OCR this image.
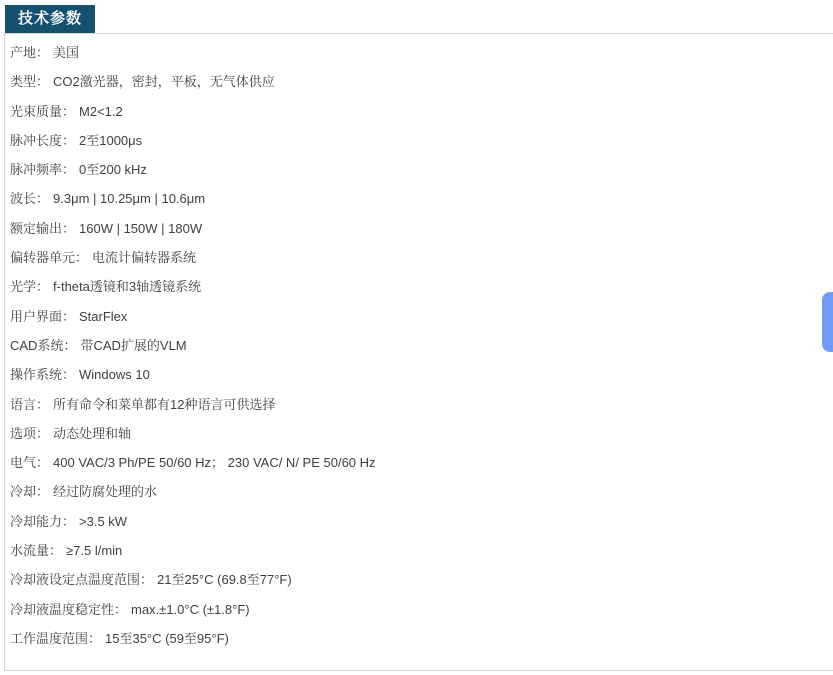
技术参数
产地： 美国
类型： CO2激光器，密封，平板，无气体供应
光束质量： M2<1.2
脉冲长度： 2至1000μs
脉冲频率： 0至200 kHz
波长： 9.3μm | 10.25μm | 10.6μm
额定输出： 160W | 150W | 180W
偏转器单元： 电流计偏转器系统
光学： f-theta透镜和3轴透镜系统
用户界面： StarFlex
CAD系统： 带CAD扩展的VLM
操作系统： Windows 10
语言： 所有命令和菜单都有12种语言可供选择
选项： 动态处理和轴
电气： 400 VAC/3 Ph/PE 50/60 Hz； 230 VAC/ N/ PE 50/60 Hz
冷却： 经过防腐处理的水
冷却能力： >3.5 kW
水流量： ≥7.5 l/min
冷却液设定点温度范围： 21至25°C (69.8至77°F)
冷却液温度稳定性： max.±1.0°C (±1.8°F)
工作温度范围： 15至35°C (59至95°F)
